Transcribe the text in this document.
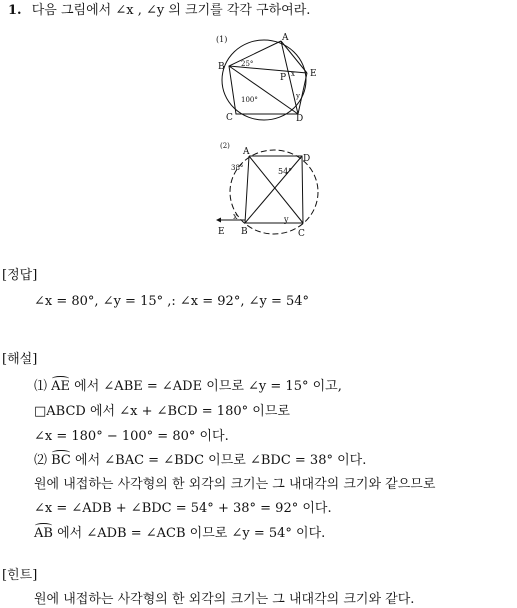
1. 다음 그림에서 ∠x , ∠y 의 크기를 각각 구하여라.
(1)	A
B
C	D
E
P
25°
100°
x
y
(2)
A
D
B	C
E
38°	54°
x	y
[정답]
∠x = 80°, ∠y = 15° ,: ∠x = 92°, ∠y = 54°
[해설]
⑴ AE 에서 ∠ABE = ∠ADE 이므로 ∠y = 15° 이고,
□ABCD 에서 ∠x + ∠BCD = 180° 이므로
∠x = 180° − 100° = 80° 이다.
⑵ BC 에서 ∠BAC = ∠BDC 이므로 ∠BDC = 38° 이다.
원에 내접하는 사각형의 한 외각의 크기는 그 내대각의 크기와 같으므로
∠x = ∠ADB + ∠BDC = 54° + 38° = 92° 이다.
AB 에서 ∠ADB = ∠ACB 이므로 ∠y = 54° 이다.
[힌트]
원에 내접하는 사각형의 한 외각의 크기는 그 내대각의 크기와 같다.
